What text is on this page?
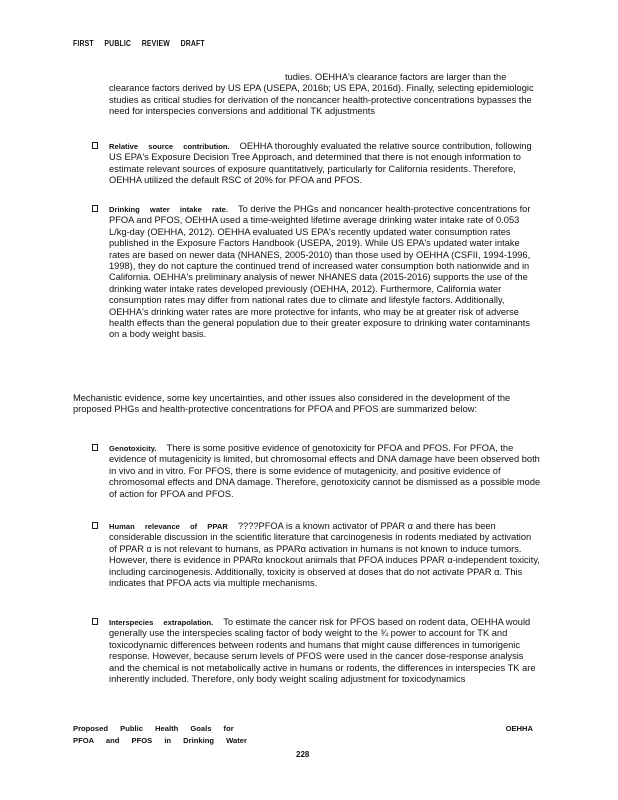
FIRST PUBLIC REVIEW DRAFT

tudies. OEHHA's clearance factors are larger than the clearance factors derived by US EPA (USEPA, 2016b; US EPA, 2016d). Finally, selecting epidemiologic studies as critical studies for derivation of the noncancer health-protective concentrations bypasses the need for interspecies conversions and additional TK adjustments

Relative source contribution. OEHHA thoroughly evaluated the relative source contribution, following US EPA's Exposure Decision Tree Approach, and determined that there is not enough information to estimate relevant sources of exposure quantitatively, particularly for California residents. Therefore, OEHHA utilized the default RSC of 20% for PFOA and PFOS.

Drinking water intake rate. To derive the PHGs and noncancer health-protective concentrations for PFOA and PFOS, OEHHA used a time-weighted lifetime average drinking water intake rate of 0.053 L/kg-day (OEHHA, 2012). OEHHA evaluated US EPA's recently updated water consumption rates published in the Exposure Factors Handbook (USEPA, 2019). While US EPA's updated water intake rates are based on newer data (NHANES, 2005-2010) than those used by OEHHA (CSFII, 1994-1996, 1998), they do not capture the continued trend of increased water consumption both nationwide and in California. OEHHA's preliminary analysis of newer NHANES data (2015-2016) supports the use of the drinking water intake rates developed previously (OEHHA, 2012). Furthermore, California water consumption rates may differ from national rates due to climate and lifestyle factors. Additionally, OEHHA's drinking water rates are more protective for infants, who may be at greater risk of adverse health effects than the general population due to their greater exposure to drinking water contaminants on a body weight basis.

Mechanistic evidence, some key uncertainties, and other issues also considered in the development of the proposed PHGs and health-protective concentrations for PFOA and PFOS are summarized below:

Genotoxicity. There is some positive evidence of genotoxicity for PFOA and PFOS. For PFOA, the evidence of mutagenicity is limited, but chromosomal effects and DNA damage have been observed both in vivo and in vitro. For PFOS, there is some evidence of mutagenicity, and positive evidence of chromosomal effects and DNA damage. Therefore, genotoxicity cannot be dismissed as a possible mode of action for PFOA and PFOS.

Human relevance of PPAR ????PFOA is a known activator of PPAR α and there has been considerable discussion in the scientific literature that carcinogenesis in rodents mediated by activation of PPAR α is not relevant to humans, as PPARα activation in humans is not known to induce tumors. However, there is evidence in PPARα knockout animals that PFOA induces PPAR α-independent toxicity, including carcinogenesis. Additionally, toxicity is observed at doses that do not activate PPAR α. This indicates that PFOA acts via multiple mechanisms.

Interspecies extrapolation. To estimate the cancer risk for PFOS based on rodent data, OEHHA would generally use the interspecies scaling factor of body weight to the ¾ power to account for TK and toxicodynamic differences between rodents and humans that might cause differences in tumorigenic response. However, because serum levels of PFOS were used in the cancer dose-response analysis and the chemical is not metabolically active in humans or rodents, the differences in interspecies TK are inherently included. Therefore, only body weight scaling adjustment for toxicodynamics

Proposed Public Health Goals for
PFOA and PFOS in Drinking Water
OEHHA
228
